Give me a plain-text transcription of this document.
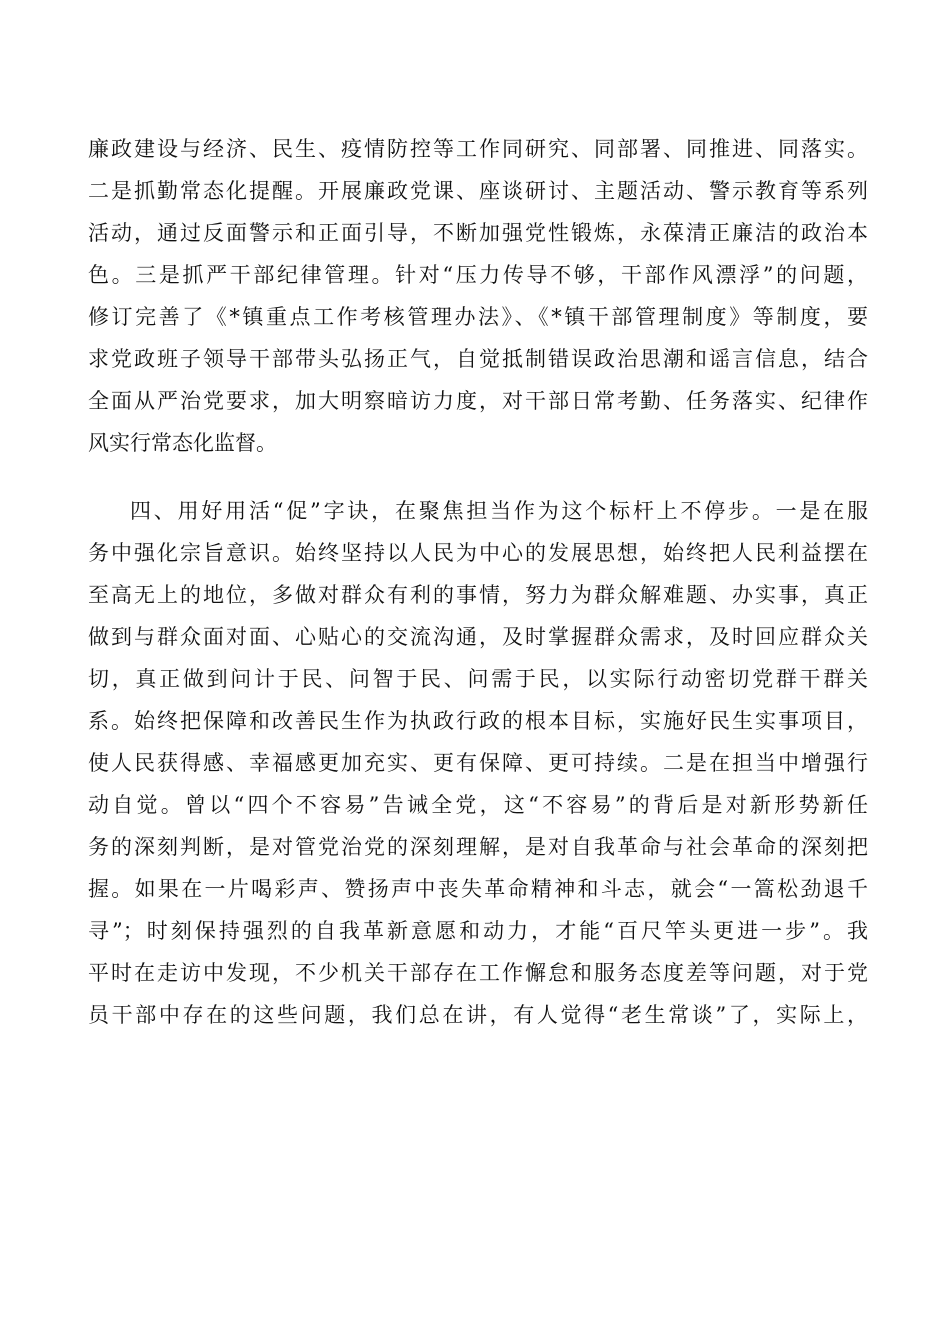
廉政建设与经济、民生、疫情防控等工作同研究、同部署、同推进、同落实。
二是抓勤常态化提醒。开展廉政党课、座谈研讨、主题活动、警示教育等系列
活动，通过反面警示和正面引导，不断加强党性锻炼，永葆清正廉洁的政治本
色。三是抓严干部纪律管理。针对“压力传导不够，干部作风漂浮”的问题，
修订完善了《*镇重点工作考核管理办法》、《*镇干部管理制度》等制度，要
求党政班子领导干部带头弘扬正气，自觉抵制错误政治思潮和谣言信息，结合
全面从严治党要求，加大明察暗访力度，对干部日常考勤、任务落实、纪律作
风实行常态化监督。
四、用好用活“促”字诀，在聚焦担当作为这个标杆上不停步。一是在服
务中强化宗旨意识。始终坚持以人民为中心的发展思想，始终把人民利益摆在
至高无上的地位，多做对群众有利的事情，努力为群众解难题、办实事，真正
做到与群众面对面、心贴心的交流沟通，及时掌握群众需求，及时回应群众关
切，真正做到问计于民、问智于民、问需于民，以实际行动密切党群干群关
系。始终把保障和改善民生作为执政行政的根本目标，实施好民生实事项目，
使人民获得感、幸福感更加充实、更有保障、更可持续。二是在担当中增强行
动自觉。曾以“四个不容易”告诫全党，这“不容易”的背后是对新形势新任
务的深刻判断，是对管党治党的深刻理解，是对自我革命与社会革命的深刻把
握。如果在一片喝彩声、赞扬声中丧失革命精神和斗志，就会“一篙松劲退千
寻”；时刻保持强烈的自我革新意愿和动力，才能“百尺竿头更进一步”。我
平时在走访中发现，不少机关干部存在工作懈怠和服务态度差等问题，对于党
员干部中存在的这些问题，我们总在讲，有人觉得“老生常谈”了，实际上，
